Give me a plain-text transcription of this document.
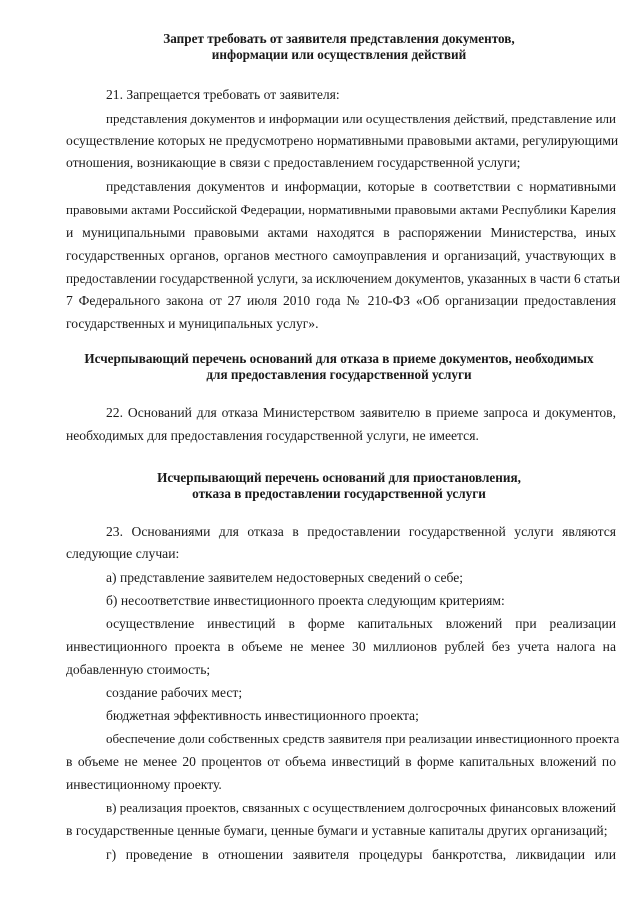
Запрет требовать от заявителя представления документов,
информации или осуществления действий
21. Запрещается требовать от заявителя:
представления документов и информации или осуществления действий, представление или
осуществление которых не предусмотрено нормативными правовыми актами, регулирующими
отношения, возникающие в связи с предоставлением государственной услуги;
представления документов и информации, которые в соответствии с нормативными
правовыми актами Российской Федерации, нормативными правовыми актами Республики Карелия
и муниципальными правовыми актами находятся в распоряжении Министерства, иных
государственных органов, органов местного самоуправления и организаций, участвующих в
предоставлении государственной услуги, за исключением документов, указанных в части 6 статьи
7 Федерального закона от 27 июля 2010 года № 210-ФЗ «Об организации предоставления
государственных и муниципальных услуг».
Исчерпывающий перечень оснований для отказа в приеме документов, необходимых
для предоставления государственной услуги
22. Оснований для отказа Министерством заявителю в приеме запроса и документов,
необходимых для предоставления государственной услуги, не имеется.
Исчерпывающий перечень оснований для приостановления,
отказа в предоставлении государственной услуги
23. Основаниями для отказа в предоставлении государственной услуги являются
следующие случаи:
а) представление заявителем недостоверных сведений о себе;
б) несоответствие инвестиционного проекта следующим критериям:
осуществление инвестиций в форме капитальных вложений при реализации
инвестиционного проекта в объеме не менее 30 миллионов рублей без учета налога на
добавленную стоимость;
создание рабочих мест;
бюджетная эффективность инвестиционного проекта;
обеспечение доли собственных средств заявителя при реализации инвестиционного проекта
в объеме не менее 20 процентов от объема инвестиций в форме капитальных вложений по
инвестиционному проекту.
в) реализация проектов, связанных с осуществлением долгосрочных финансовых вложений
в государственные ценные бумаги, ценные бумаги и уставные капиталы других организаций;
г) проведение в отношении заявителя процедуры банкротства, ликвидации или
